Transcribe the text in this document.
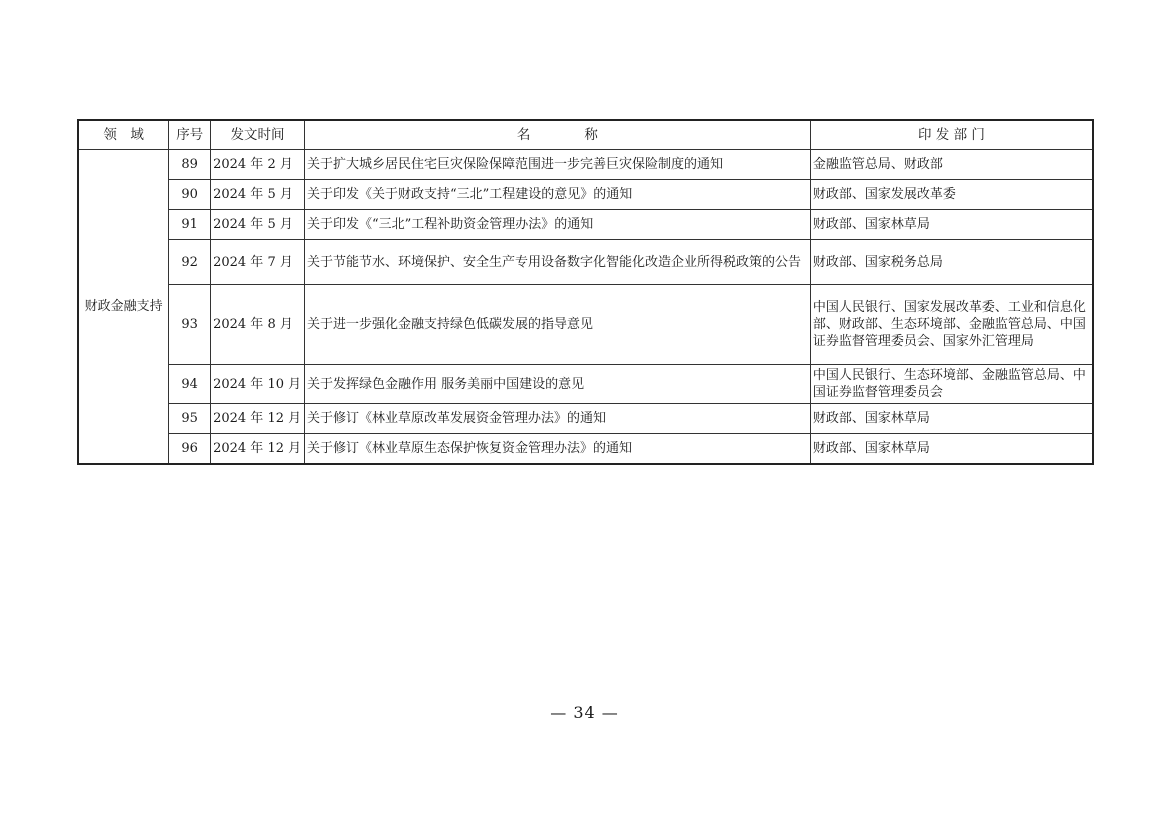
领　域	序号	发文时间	名　　　　称	印 发 部 门
财政金融支持	89	2024 年 2 月	关于扩大城乡居民住宅巨灾保险保障范围进一步完善巨灾保险制度的通知	金融监管总局、财政部
	90	2024 年 5 月	关于印发《关于财政支持“三北”工程建设的意见》的通知	财政部、国家发展改革委
	91	2024 年 5 月	关于印发《“三北”工程补助资金管理办法》的通知	财政部、国家林草局
	92	2024 年 7 月	关于节能节水、环境保护、安全生产专用设备数字化智能化改造企业所得税政策的公告	财政部、国家税务总局
	93	2024 年 8 月	关于进一步强化金融支持绿色低碳发展的指导意见	中国人民银行、国家发展改革委、工业和信息化部、财政部、生态环境部、金融监管总局、中国证券监督管理委员会、国家外汇管理局
	94	2024 年 10 月	关于发挥绿色金融作用 服务美丽中国建设的意见	中国人民银行、生态环境部、金融监管总局、中国证券监督管理委员会
	95	2024 年 12 月	关于修订《林业草原改革发展资金管理办法》的通知	财政部、国家林草局
	96	2024 年 12 月	关于修订《林业草原生态保护恢复资金管理办法》的通知	财政部、国家林草局
— 34 —
